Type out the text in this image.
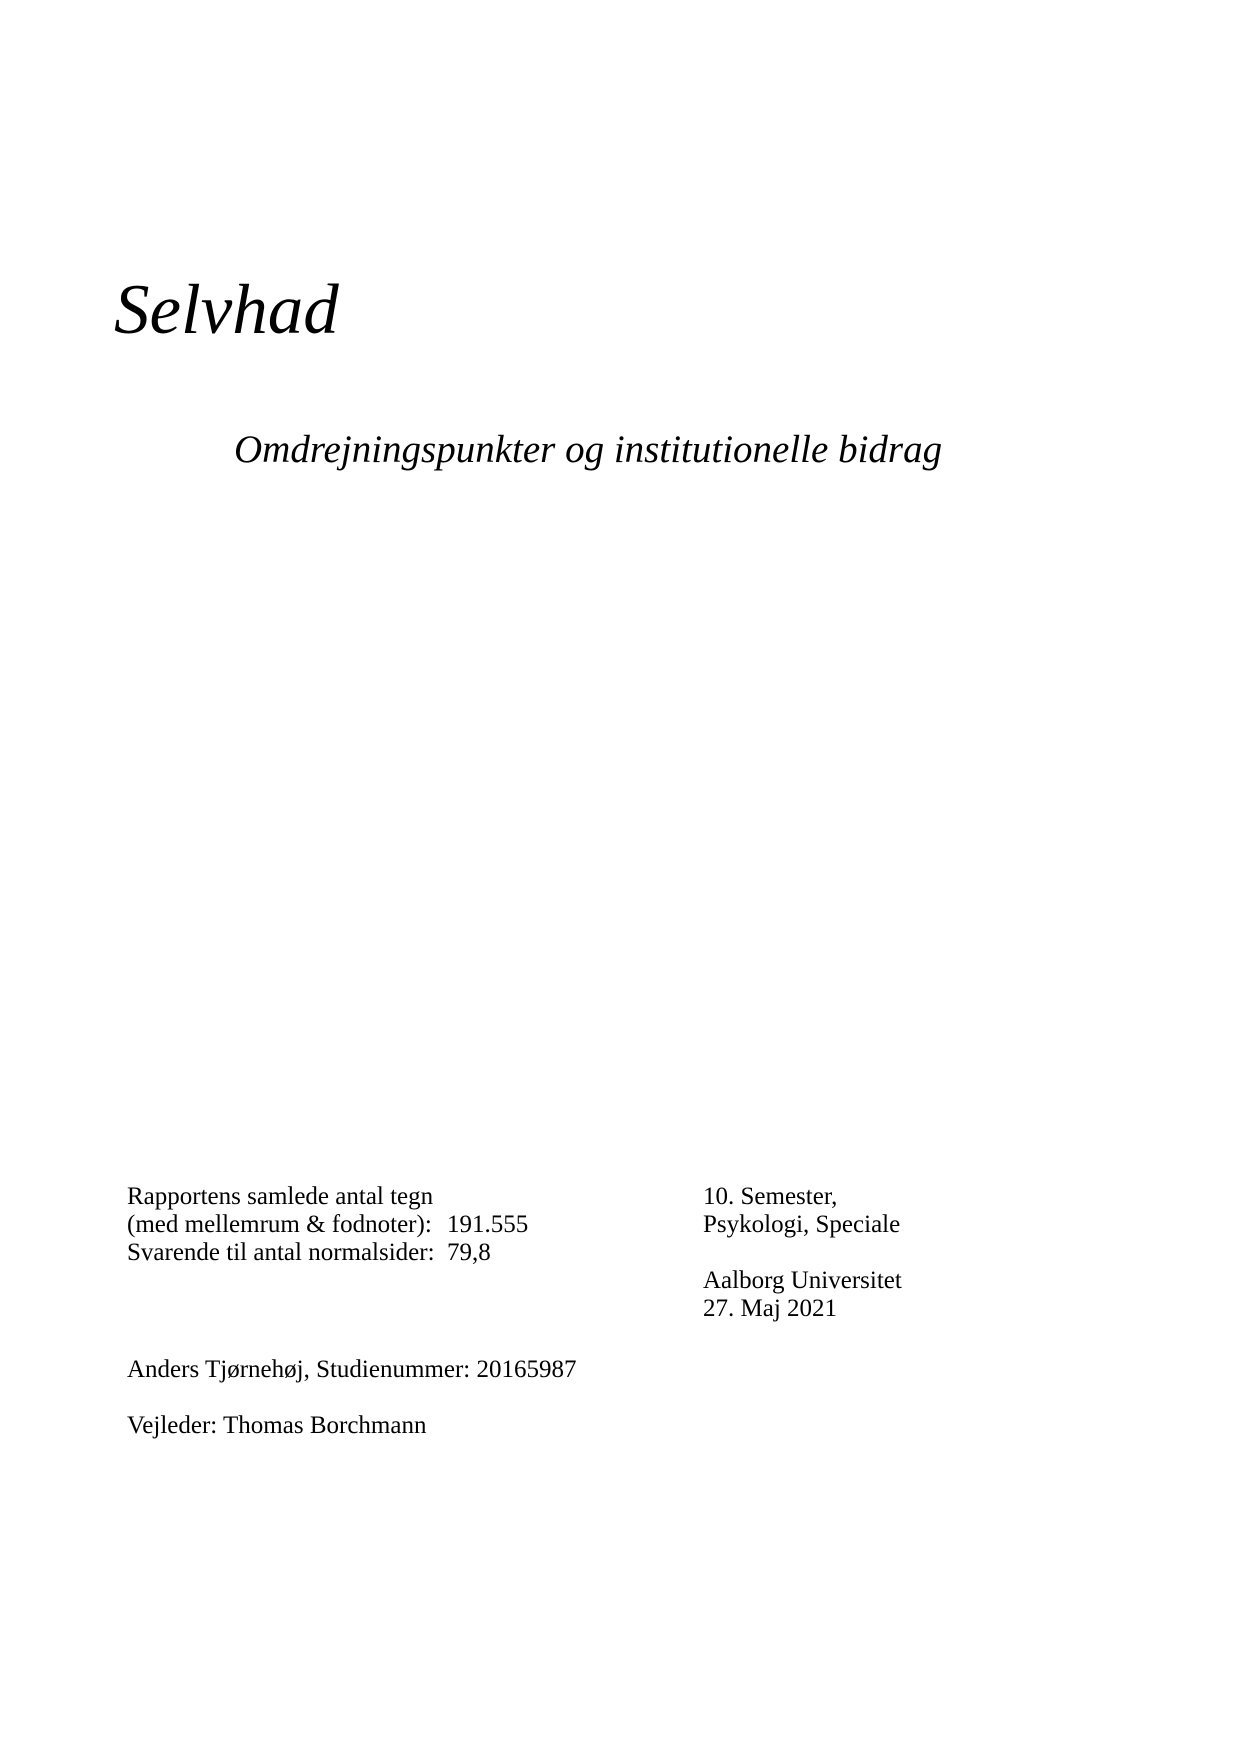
Selvhad
Omdrejningspunkter og institutionelle bidrag
Rapportens samlede antal tegn
(med mellemrum & fodnoter): 191.555
Svarende til antal normalsider: 79,8
10. Semester,
Psykologi, Speciale
Aalborg Universitet
27. Maj 2021
Anders Tjørnehøj, Studienummer: 20165987
Vejleder: Thomas Borchmann
